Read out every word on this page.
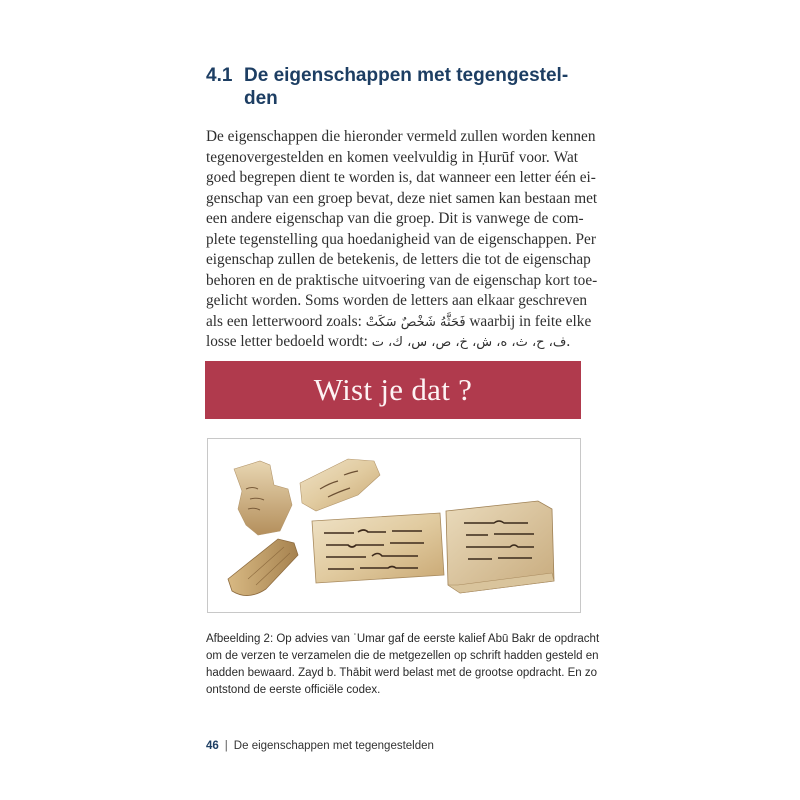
4.1 De eigenschappen met tegengestel-
den
De eigenschappen die hieronder vermeld zullen worden kennen
tegenovergestelden en komen veelvuldig in Ḥurūf voor. Wat
goed begrepen dient te worden is, dat wanneer een letter één ei-
genschap van een groep bevat, deze niet samen kan bestaan met
een andere eigenschap van die groep. Dit is vanwege de com-
plete tegenstelling qua hoedanigheid van de eigenschappen. Per
eigenschap zullen de betekenis, de letters die tot de eigenschap
behoren en de praktische uitvoering van de eigenschap kort toe-
gelicht worden. Soms worden de letters aan elkaar geschreven
als een letterwoord zoals: فَحَثَّهُ شَخْصٌ سَكَتْ waarbij in feite elke
losse letter bedoeld wordt: ف، ح، ث، ه، ش، خ، ص، س، ك، ت.
Wist je dat ?
Afbeelding 2: Op advies van ʿUmar gaf de eerste kalief Abū Bakr de opdracht
om de verzen te verzamelen die de metgezellen op schrift hadden gesteld en
hadden bewaard. Zayd b. Thābit werd belast met de grootse opdracht. En zo
ontstond de eerste officiële codex.
46 | De eigenschappen met tegengestelden
